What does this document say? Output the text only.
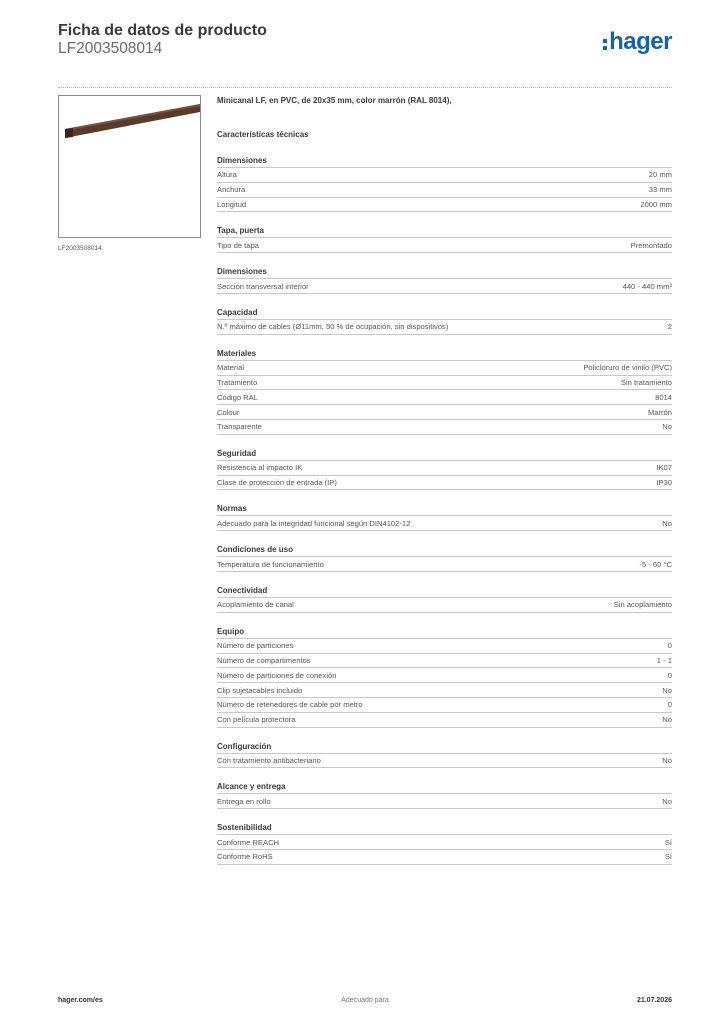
Ficha de datos de producto
LF2003508014	hager
LF2003508014
Minicanal LF, en PVC, de 20x35 mm, color marrón (RAL 8014),
Características técnicas
Dimensiones
Altura	20 mm
Anchura	33 mm
Longitud	2000 mm
Tapa, puerta
Tipo de tapa	Premontado
Dimensiones
Sección transversal interior	440 - 440 mm²
Capacidad
N.º máximo de cables (Ø11mm, 50 % de ocupación, sin dispositivos)	2
Materiales
Material	Policloruro de vinilo (PVC)
Tratamiento	Sin tratamiento
Código RAL	8014
Colour	Marrón
Transparente	No
Seguridad
Resistencia al impacto IK	IK07
Clase de protección de entrada (IP)	IP30
Normas
Adecuado para la integridad funcional según DIN4102-12	No
Condiciones de uso
Temperatura de funcionamiento	-5 - 60 °C
Conectividad
Acoplamiento de canal	Sin acoplamiento
Equipo
Número de particiones	0
Número de compartimentos	1 - 1
Número de particiones de conexión	0
Clip sujetacables incluido	No
Número de retenedores de cable por metro	0
Con película protectora	No
Configuración
Con tratamiento antibacteriano	No
Alcance y entrega
Entrega en rollo	No
Sostenibilidad
Conforme REACH	Sí
Conforme RoHS	Sí
hager.com/es	Adecuado para	21.07.2026
